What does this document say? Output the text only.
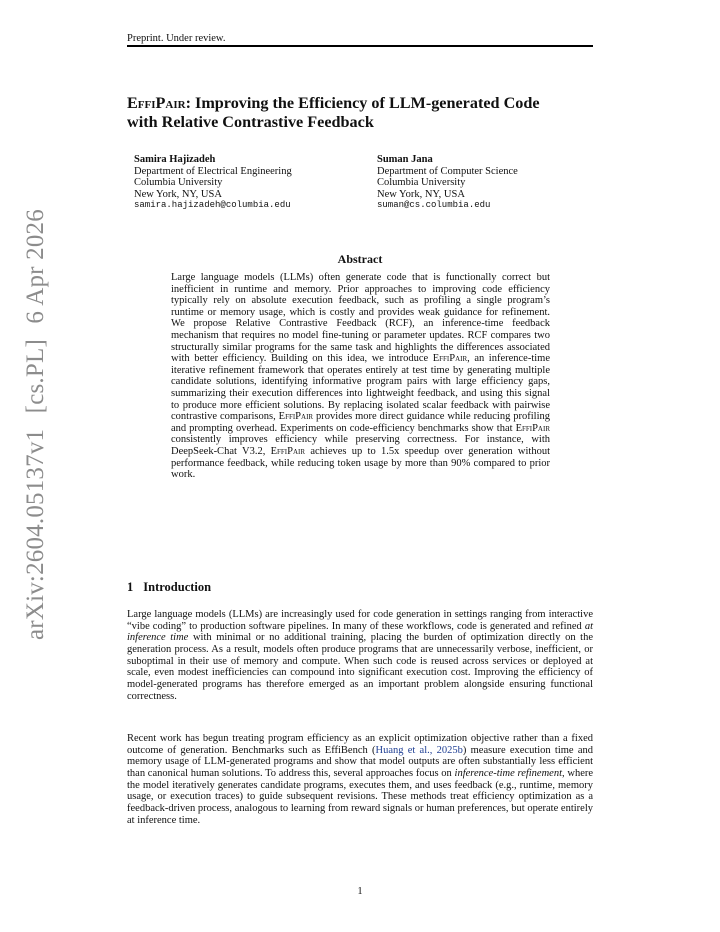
Preprint. Under review.
arXiv:2604.05137v1 [cs.PL] 6 Apr 2026
EffiPair: Improving the Efficiency of LLM-generated Code
with Relative Contrastive Feedback
Samira Hajizadeh
Department of Electrical Engineering
Columbia University
New York, NY, USA
samira.hajizadeh@columbia.edu
Suman Jana
Department of Computer Science
Columbia University
New York, NY, USA
suman@cs.columbia.edu
Abstract
Large language models (LLMs) often generate code that is functionally correct but inefficient in runtime and memory. Prior approaches to improving code efficiency typically rely on absolute execution feedback, such as profiling a single program’s runtime or memory usage, which is costly and provides weak guidance for refinement. We propose Relative Contrastive Feedback (RCF), an inference-time feedback mechanism that requires no model fine-tuning or parameter updates. RCF compares two structurally similar programs for the same task and highlights the differences associated with better efficiency. Building on this idea, we introduce EffiPair, an inference-time iterative refinement framework that operates entirely at test time by generating multiple candidate solutions, identifying informative program pairs with large efficiency gaps, summarizing their execution differences into lightweight feedback, and using this signal to produce more efficient solutions. By replacing isolated scalar feedback with pairwise contrastive comparisons, EffiPair provides more direct guidance while reducing profiling and prompting overhead. Experiments on code-efficiency benchmarks show that EffiPair consistently improves efficiency while preserving correctness. For instance, with DeepSeek-Chat V3.2, EffiPair achieves up to 1.5x speedup over generation without performance feedback, while reducing token usage by more than 90% compared to prior work.
1 Introduction

Large language models (LLMs) are increasingly used for code generation in settings ranging from interactive “vibe coding” to production software pipelines. In many of these workflows, code is generated and refined at inference time with minimal or no additional training, placing the burden of optimization directly on the generation process. As a result, models often produce programs that are unnecessarily verbose, inefficient, or suboptimal in their use of memory and compute. When such code is reused across services or deployed at scale, even modest inefficiencies can compound into significant execution cost. Improving the efficiency of model-generated programs has therefore emerged as an important problem alongside ensuring functional correctness.

Recent work has begun treating program efficiency as an explicit optimization objective rather than a fixed outcome of generation. Benchmarks such as EffiBench (Huang et al., 2025b) measure execution time and memory usage of LLM-generated programs and show that model outputs are often substantially less efficient than canonical human solutions. To address this, several approaches focus on inference-time refinement, where the model iteratively generates candidate programs, executes them, and uses feedback (e.g., runtime, memory usage, or execution traces) to guide subsequent revisions. These methods treat efficiency optimization as a feedback-driven process, analogous to learning from reward signals or human preferences, but operate entirely at inference time.

1
